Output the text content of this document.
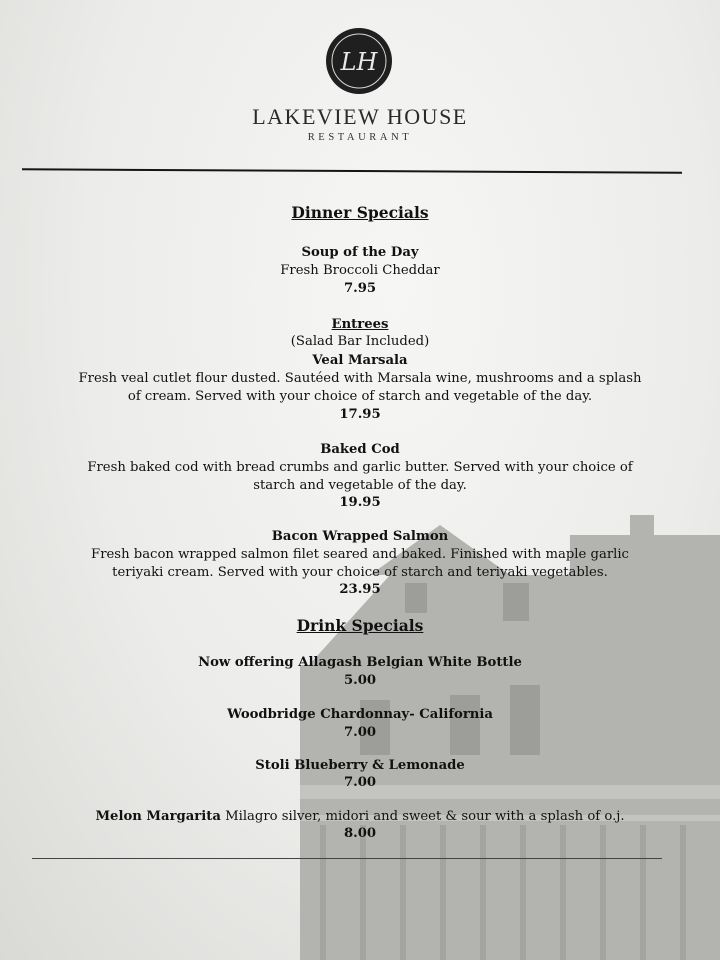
LH
LAKEVIEW HOUSE
RESTAURANT
Dinner Specials
Soup of the Day
Fresh Broccoli Cheddar
7.95
Entrees
(Salad Bar Included)
Veal Marsala
Fresh veal cutlet flour dusted. Sautéed with Marsala wine, mushrooms and a splash
of cream. Served with your choice of starch and vegetable of the day.
17.95
Baked Cod
Fresh baked cod with bread crumbs and garlic butter. Served with your choice of
starch and vegetable of the day.
19.95
Bacon Wrapped Salmon
Fresh bacon wrapped salmon filet seared and baked. Finished with maple garlic
teriyaki cream. Served with your choice of starch and teriyaki vegetables.
23.95
Drink Specials
Now offering Allagash Belgian White Bottle
5.00
Woodbridge Chardonnay- California
7.00
Stoli Blueberry & Lemonade
7.00
Melon Margarita Milagro silver, midori and sweet & sour with a splash of o.j.
8.00
